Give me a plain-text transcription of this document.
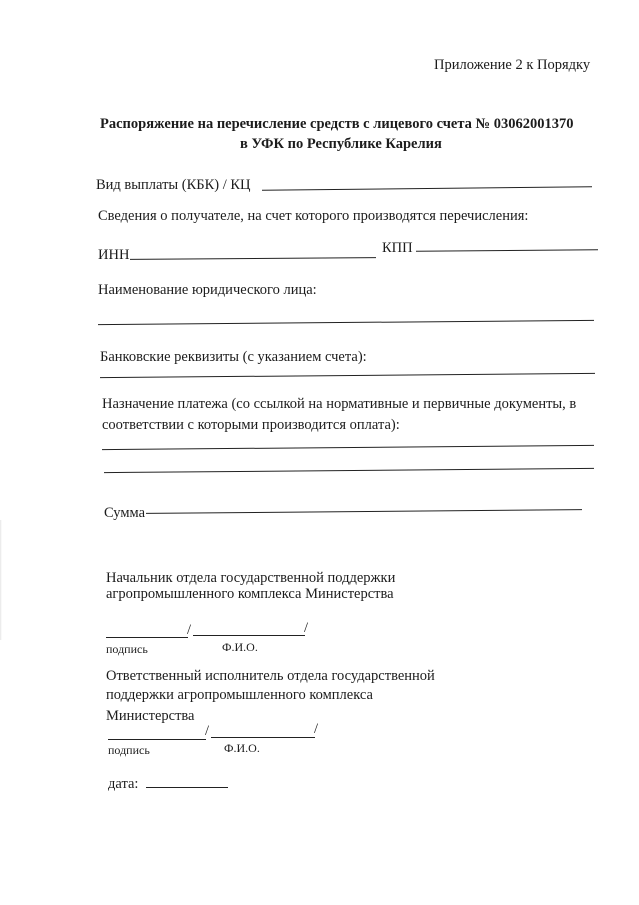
Приложение 2 к Порядку
Распоряжение на перечисление средств с лицевого счета № 03062001370
в УФК по Республике Карелия
Вид выплаты (КБК) / КЦ
Сведения о получателе, на счет которого производятся перечисления:
ИНН	КПП
Наименование юридического лица:
Банковские реквизиты (с указанием счета):
Назначение платежа (со ссылкой на нормативные и первичные документы, в
соответствии с которыми производится оплата):
Сумма
Начальник отдела государственной поддержки
агропромышленного комплекса Министерства
/	/
подпись	Ф.И.О.
Ответственный исполнитель отдела государственной
поддержки агропромышленного комплекса
Министерства
/	/
подпись	Ф.И.О.
дата:
